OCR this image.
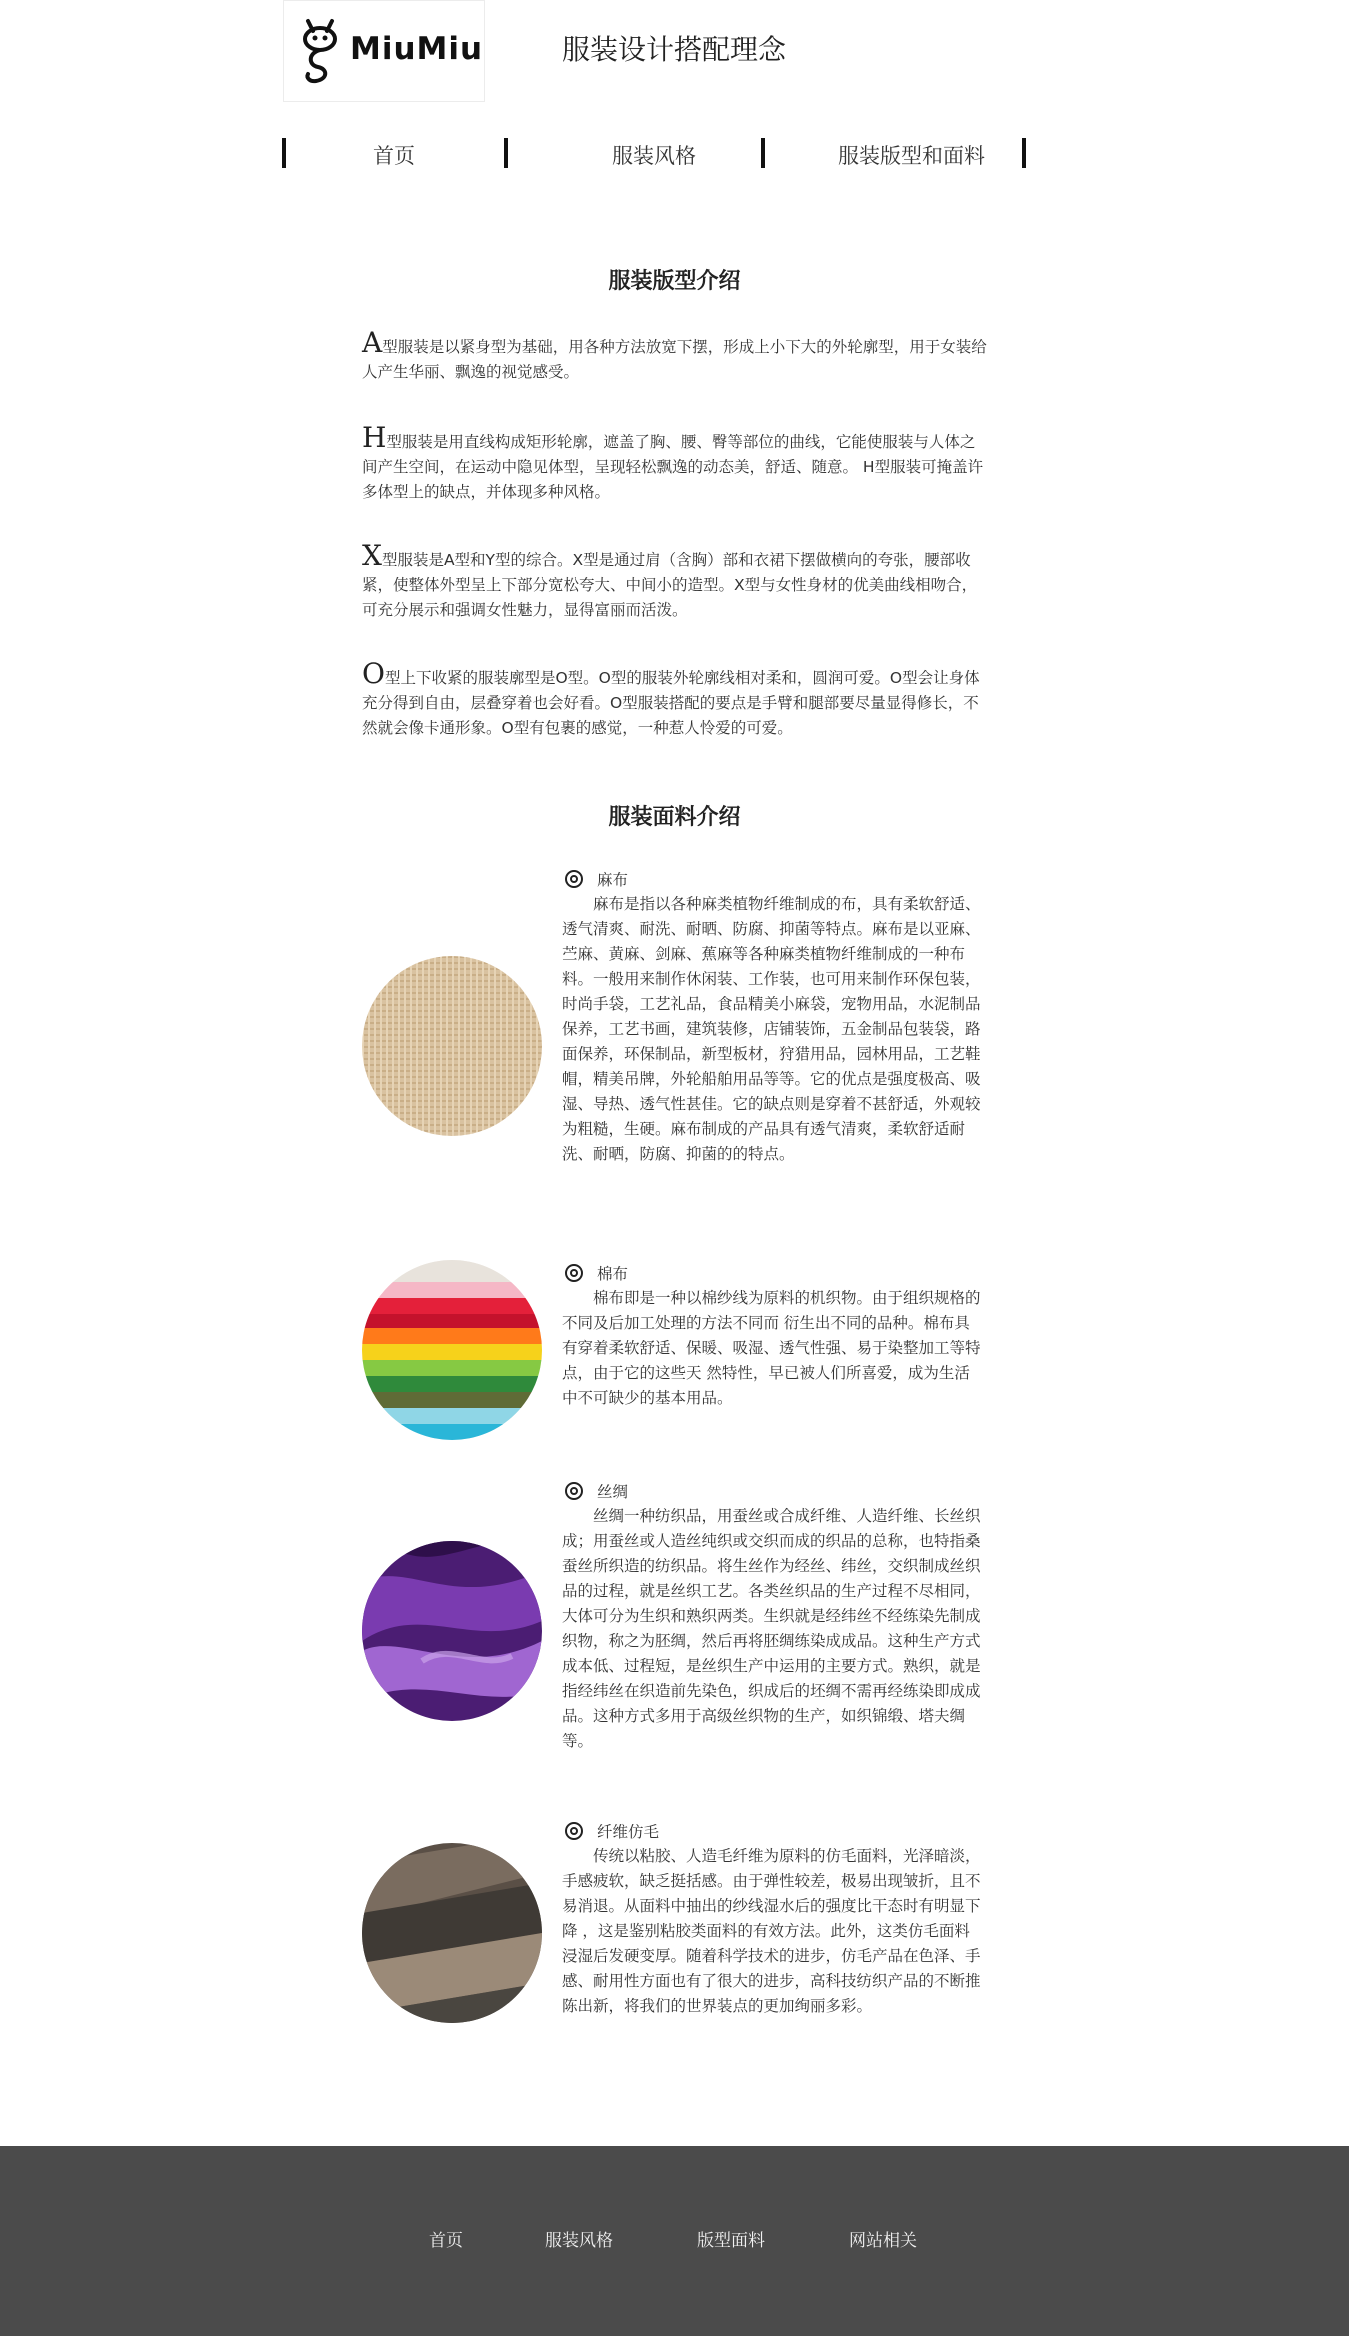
MiuMiu	服装设计搭配理念
首页	服装风格	服装版型和面料
服装版型介绍

A型服装是以紧身型为基础，用各种方法放宽下摆，形成上小下大的外轮廓型，用于女装给人产生华丽、飘逸的视觉感受。

H型服装是用直线构成矩形轮廓，遮盖了胸、腰、臀等部位的曲线，它能使服装与人体之间产生空间，在运动中隐见体型，呈现轻松飘逸的动态美，舒适、随意。 H型服装可掩盖许多体型上的缺点，并体现多种风格。

X型服装是A型和Y型的综合。X型是通过肩（含胸）部和衣裙下摆做横向的夸张，腰部收紧，使整体外型呈上下部分宽松夸大、中间小的造型。X型与女性身材的优美曲线相吻合，可充分展示和强调女性魅力，显得富丽而活泼。

O型上下收紧的服装廓型是O型。O型的服装外轮廓线相对柔和，圆润可爱。O型会让身体充分得到自由，层叠穿着也会好看。O型服装搭配的要点是手臂和腿部要尽量显得修长，不然就会像卡通形象。O型有包裹的感觉，一种惹人怜爱的可爱。

服装面料介绍
麻布

麻布是指以各种麻类植物纤维制成的布，具有柔软舒适、透气清爽、耐洗、耐晒、防腐、抑菌等特点。麻布是以亚麻、苎麻、黄麻、剑麻、蕉麻等各种麻类植物纤维制成的一种布料。一般用来制作休闲装、工作装，也可用来制作环保包装，时尚手袋，工艺礼品，食品精美小麻袋，宠物用品，水泥制品保养，工艺书画，建筑装修，店铺装饰，五金制品包装袋，路面保养，环保制品，新型板材，狩猎用品，园林用品，工艺鞋帽，精美吊牌，外轮船舶用品等等。它的优点是强度极高、吸湿、导热、透气性甚佳。它的缺点则是穿着不甚舒适，外观较为粗糙，生硬。麻布制成的产品具有透气清爽，柔软舒适耐洗、耐晒，防腐、抑菌的的特点。

棉布

棉布即是一种以棉纱线为原料的机织物。由于组织规格的不同及后加工处理的方法不同而 衍生出不同的品种。棉布具有穿着柔软舒适、保暖、吸湿、透气性强、易于染整加工等特点，由于它的这些天 然特性，早已被人们所喜爱，成为生活中不可缺少的基本用品。

丝绸

丝绸一种纺织品，用蚕丝或合成纤维、人造纤维、长丝织成；用蚕丝或人造丝纯织或交织而成的织品的总称，也特指桑蚕丝所织造的纺织品。将生丝作为经丝、纬丝，交织制成丝织品的过程，就是丝织工艺。各类丝织品的生产过程不尽相同，大体可分为生织和熟织两类。生织就是经纬丝不经练染先制成织物，称之为胚绸，然后再将胚绸练染成成品。这种生产方式成本低、过程短，是丝织生产中运用的主要方式。熟织，就是指经纬丝在织造前先染色，织成后的坯绸不需再经练染即成成品。这种方式多用于高级丝织物的生产，如织锦缎、塔夫绸等。

纤维仿毛

传统以粘胶、人造毛纤维为原料的仿毛面料，光泽暗淡，手感疲软，缺乏挺括感。由于弹性较差，极易出现皱折，且不易消退。从面料中抽出的纱线湿水后的强度比干态时有明显下降 ，这是鉴别粘胶类面料的有效方法。此外，这类仿毛面料浸湿后发硬变厚。随着科学技术的进步，仿毛产品在色泽、手感、耐用性方面也有了很大的进步，高科技纺织产品的不断推陈出新，将我们的世界装点的更加绚丽多彩。

首页	服装风格	版型面料	网站相关
